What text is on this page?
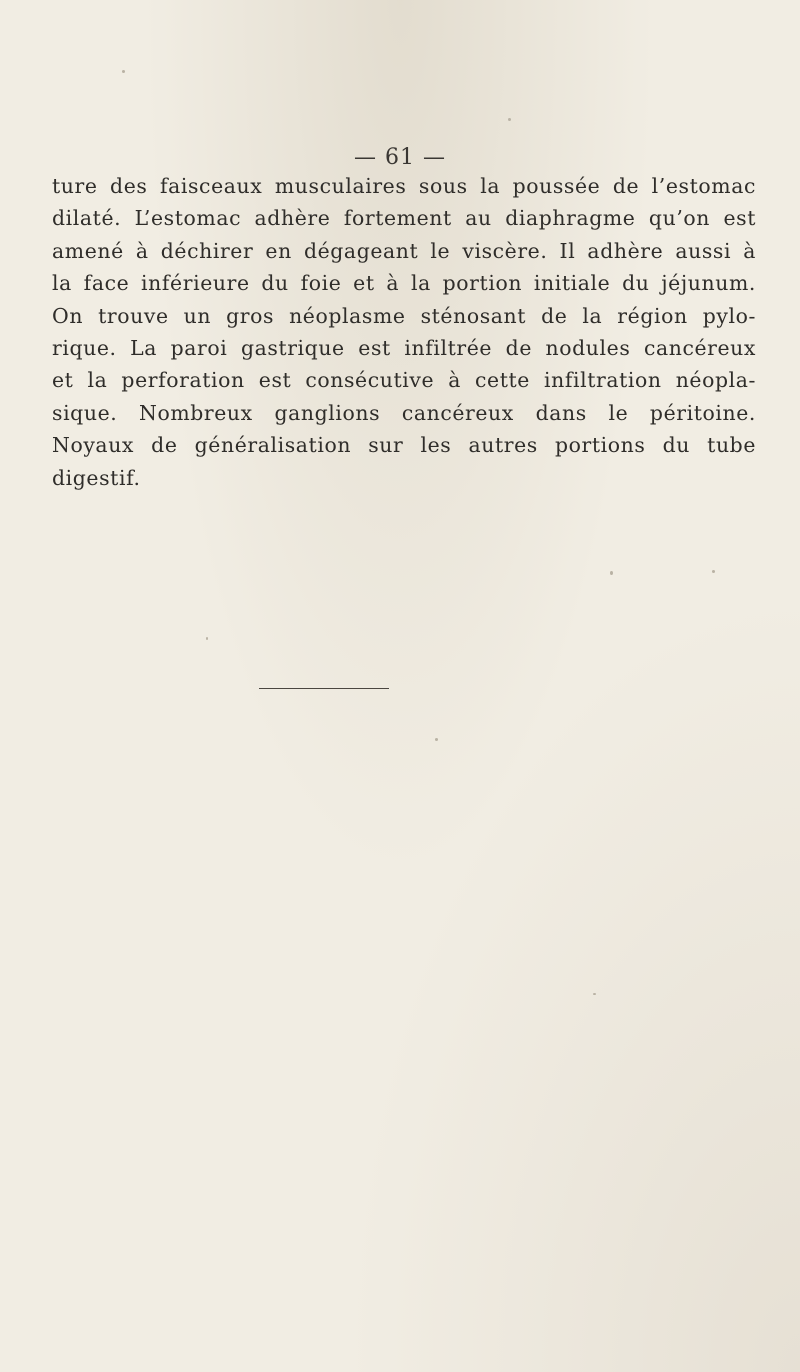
— 61 —
ture des faisceaux musculaires sous la poussée de l’estomac
dilaté. L’estomac adhère fortement au diaphragme qu’on est
amené à déchirer en dégageant le viscère. Il adhère aussi à
la face inférieure du foie et à la portion initiale du jéjunum.
On trouve un gros néoplasme sténosant de la région pylo-
rique. La paroi gastrique est infiltrée de nodules cancéreux
et la perforation est consécutive à cette infiltration néopla-
sique. Nombreux ganglions cancéreux dans le péritoine.
Noyaux de généralisation sur les autres portions du tube
digestif.
